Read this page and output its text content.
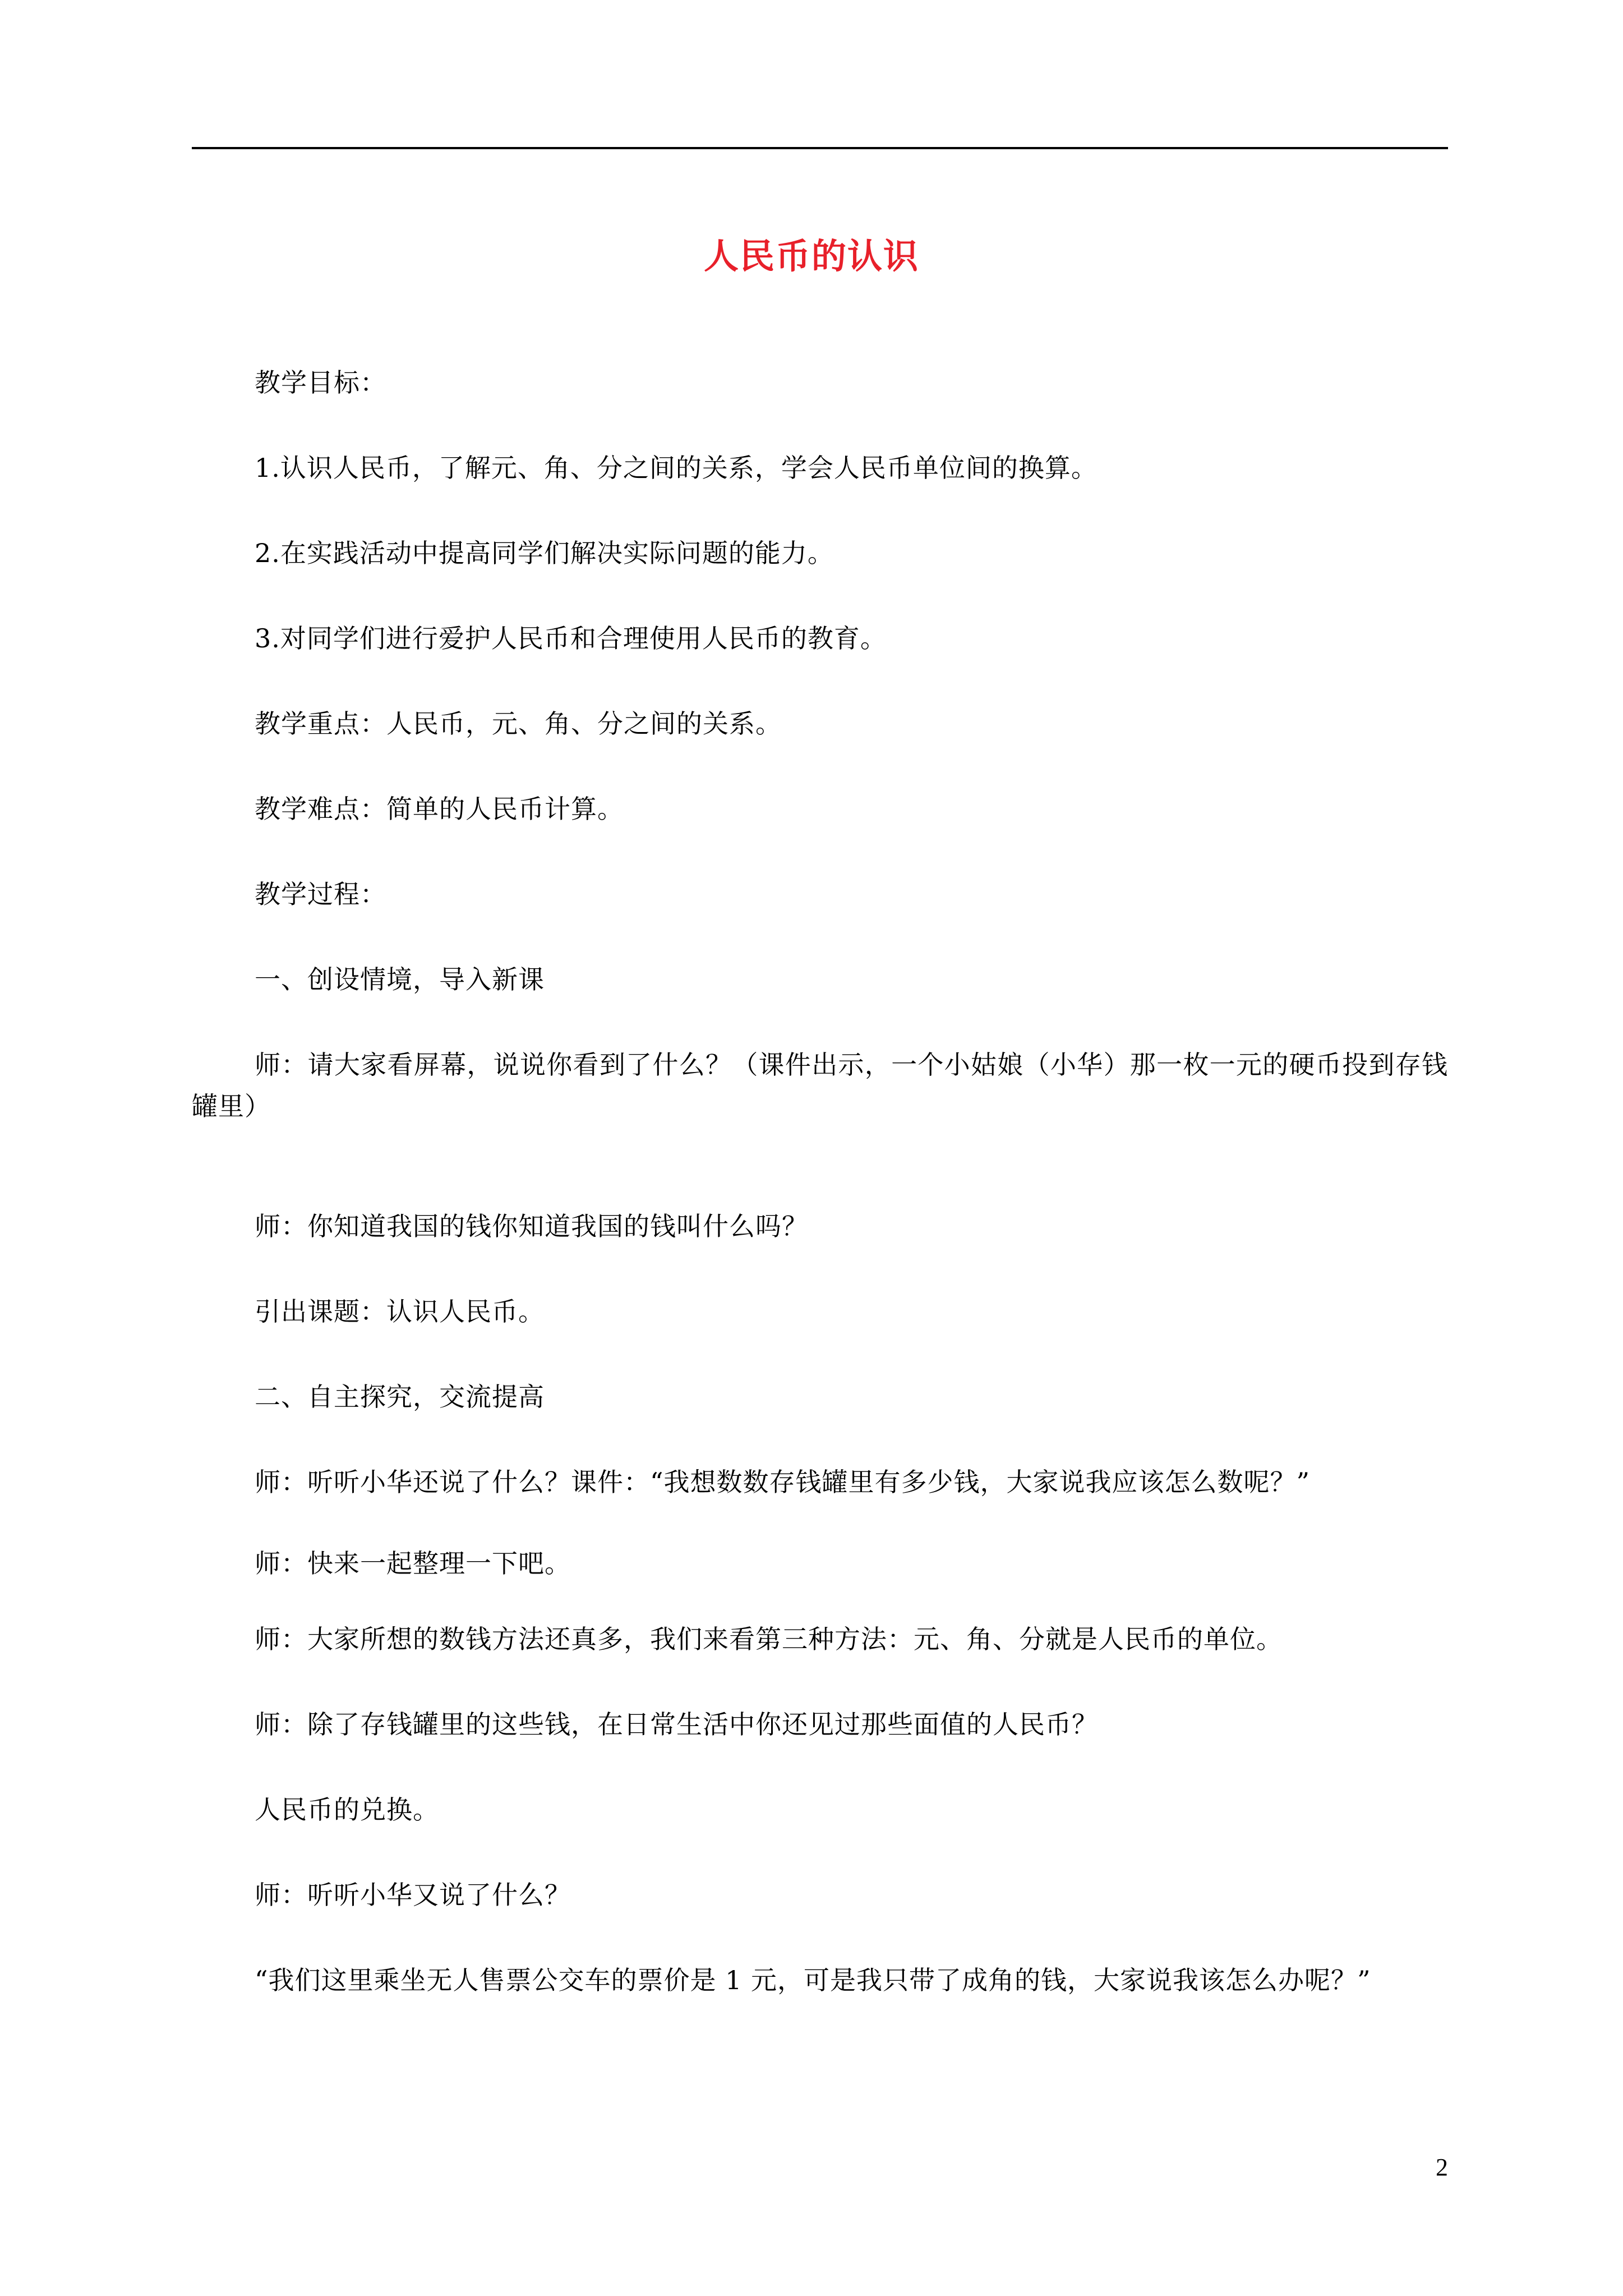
人民币的认识

教学目标：

1.认识人民币，了解元、角、分之间的关系，学会人民币单位间的换算。

2.在实践活动中提高同学们解决实际问题的能力。

3.对同学们进行爱护人民币和合理使用人民币的教育。

教学重点：人民币，元、角、分之间的关系。

教学难点：简单的人民币计算。

教学过程：

一、创设情境，导入新课

师：请大家看屏幕，说说你看到了什么？（课件出示，一个小姑娘（小华）那一枚一元的硬币投到存钱罐里）

师：你知道我国的钱你知道我国的钱叫什么吗？

引出课题：认识人民币。

二、自主探究，交流提高

师：听听小华还说了什么？课件：“我想数数存钱罐里有多少钱，大家说我应该怎么数呢？”

师：快来一起整理一下吧。

师：大家所想的数钱方法还真多，我们来看第三种方法：元、角、分就是人民币的单位。

师：除了存钱罐里的这些钱，在日常生活中你还见过那些面值的人民币？

人民币的兑换。

师：听听小华又说了什么？

“我们这里乘坐无人售票公交车的票价是 1 元，可是我只带了成角的钱，大家说我该怎么办呢？”

2
